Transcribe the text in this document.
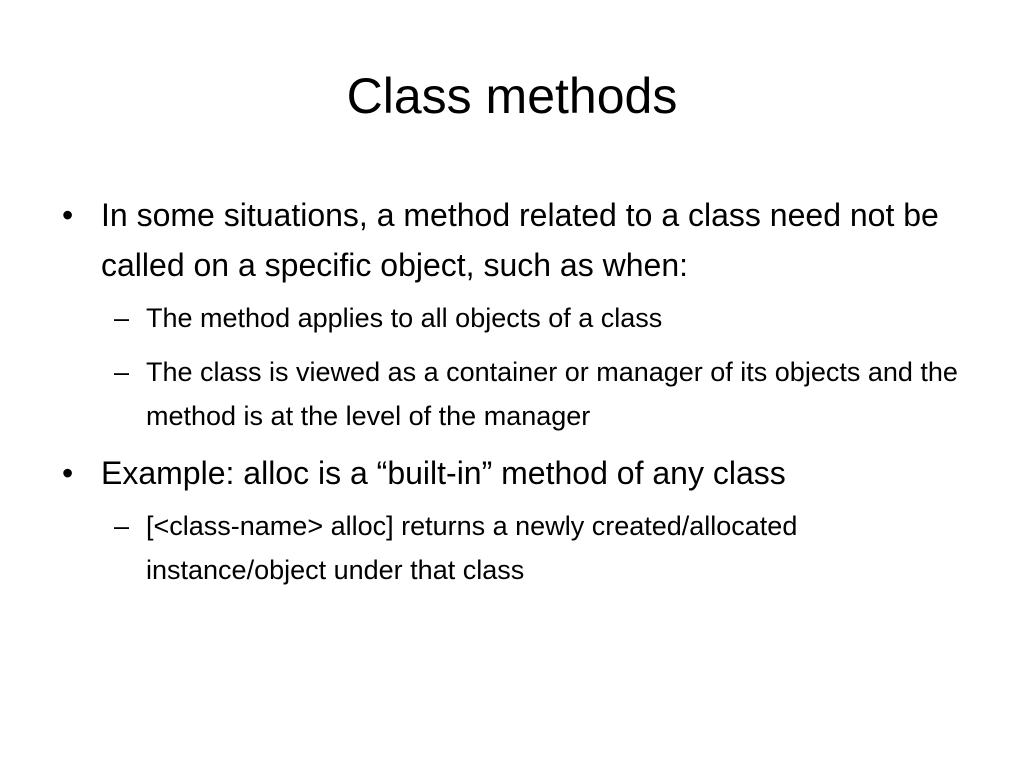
Class methods
• In some situations, a method related to a class need not be called on a specific object, such as when:
– The method applies to all objects of a class
– The class is viewed as a container or manager of its objects and the method is at the level of the manager
• Example: alloc is a “built-in” method of any class
– [<class-name> alloc] returns a newly created/allocated instance/object under that class
